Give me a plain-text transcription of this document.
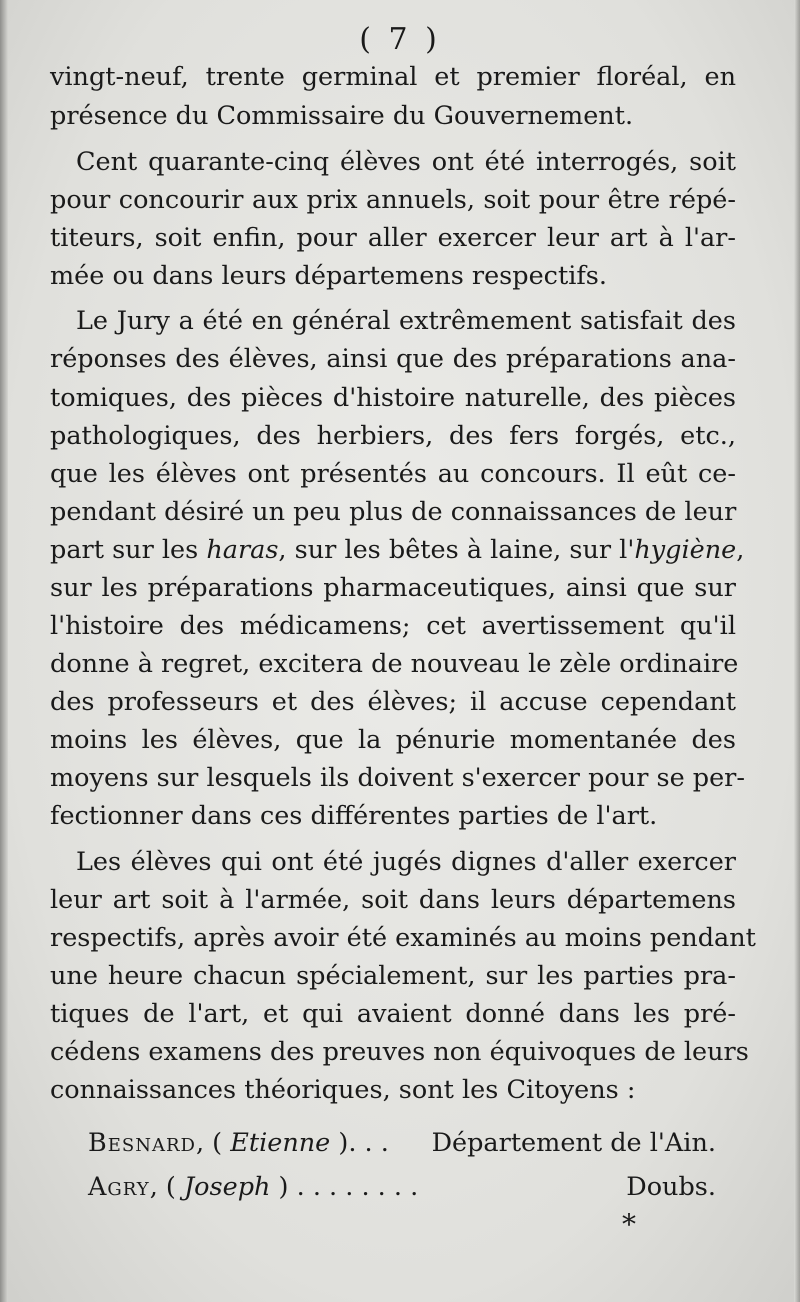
( 7 )
vingt-neuf, trente germinal et premier floréal, en
présence du Commissaire du Gouvernement.
Cent quarante-cinq élèves ont été interrogés, soit
pour concourir aux prix annuels, soit pour être répé-
titeurs, soit enfin, pour aller exercer leur art à l'ar-
mée ou dans leurs départemens respectifs.
Le Jury a été en général extrêmement satisfait des
réponses des élèves, ainsi que des préparations ana-
tomiques, des pièces d'histoire naturelle, des pièces
pathologiques, des herbiers, des fers forgés, etc.,
que les élèves ont présentés au concours. Il eût ce-
pendant désiré un peu plus de connaissances de leur
part sur les haras, sur les bêtes à laine, sur l'hygiène,
sur les préparations pharmaceutiques, ainsi que sur
l'histoire des médicamens; cet avertissement qu'il
donne à regret, excitera de nouveau le zèle ordinaire
des professeurs et des élèves; il accuse cependant
moins les élèves, que la pénurie momentanée des
moyens sur lesquels ils doivent s'exercer pour se per-
fectionner dans ces différentes parties de l'art.
Les élèves qui ont été jugés dignes d'aller exercer
leur art soit à l'armée, soit dans leurs départemens
respectifs, après avoir été examinés au moins pendant
une heure chacun spécialement, sur les parties pra-
tiques de l'art, et qui avaient donné dans les pré-
cédens examens des preuves non équivoques de leurs
connaissances théoriques, sont les Citoyens :
Besnard, ( Etienne ). . . Département de l'Ain.
Agry, ( Joseph ) . . . . . . . .	Doubs.
*
